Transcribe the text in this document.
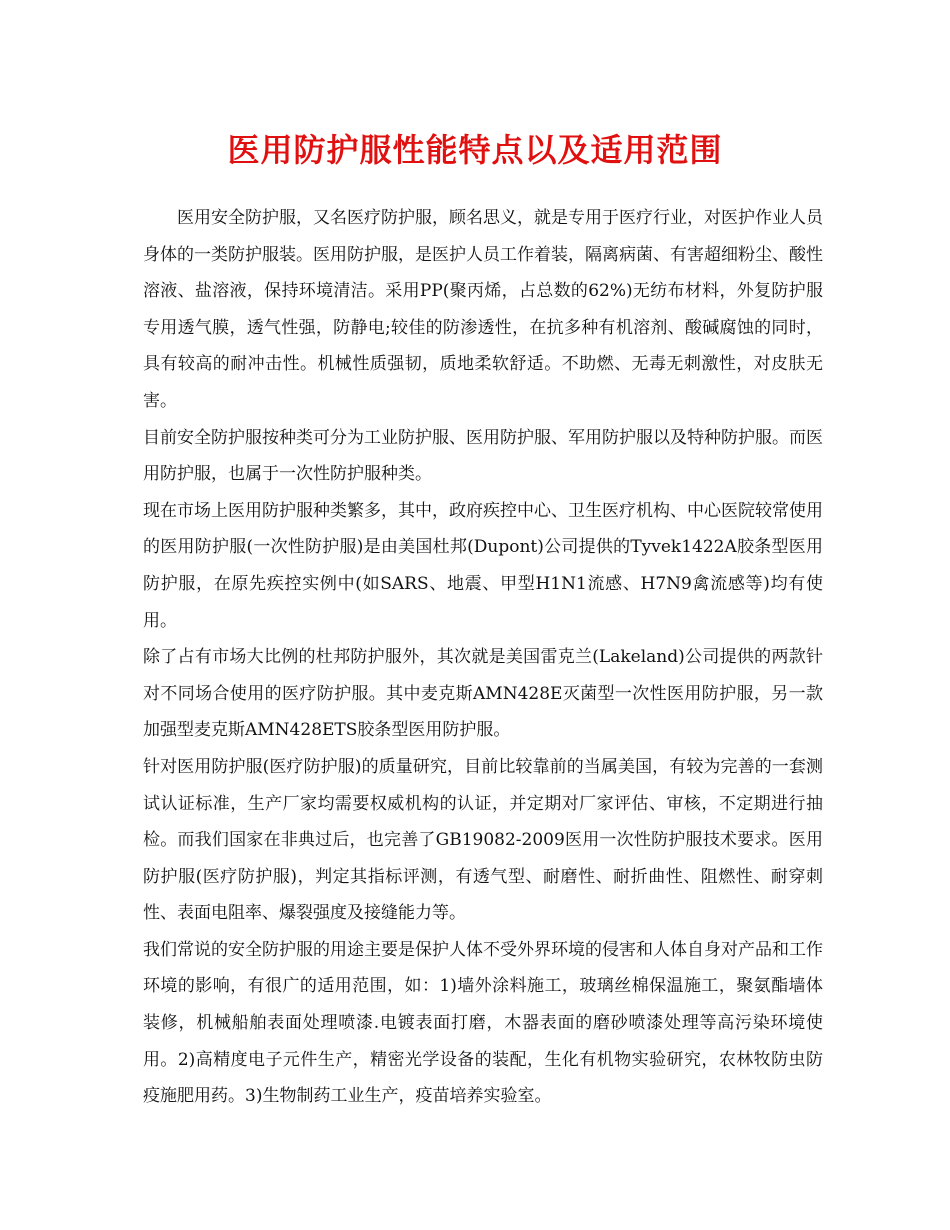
医用防护服性能特点以及适用范围

医用安全防护服，又名医疗防护服，顾名思义，就是专用于医疗行业，对医护作业人员身体的一类防护服装。医用防护服，是医护人员工作着装，隔离病菌、有害超细粉尘、酸性溶液、盐溶液，保持环境清洁。采用PP(聚丙烯，占总数的62%)无纺布材料，外复防护服专用透气膜，透气性强，防静电;较佳的防渗透性，在抗多种有机溶剂、酸碱腐蚀的同时，具有较高的耐冲击性。机械性质强韧，质地柔软舒适。不助燃、无毒无刺激性，对皮肤无害。

目前安全防护服按种类可分为工业防护服、医用防护服、军用防护服以及特种防护服。而医用防护服，也属于一次性防护服种类。

现在市场上医用防护服种类繁多，其中，政府疾控中心、卫生医疗机构、中心医院较常使用的医用防护服(一次性防护服)是由美国杜邦(Dupont)公司提供的Tyvek1422A胶条型医用防护服，在原先疾控实例中(如SARS、地震、甲型H1N1流感、H7N9禽流感等)均有使用。

除了占有市场大比例的杜邦防护服外，其次就是美国雷克兰(Lakeland)公司提供的两款针对不同场合使用的医疗防护服。其中麦克斯AMN428E灭菌型一次性医用防护服，另一款加强型麦克斯AMN428ETS胶条型医用防护服。

针对医用防护服(医疗防护服)的质量研究，目前比较靠前的当属美国，有较为完善的一套测试认证标准，生产厂家均需要权威机构的认证，并定期对厂家评估、审核，不定期进行抽检。而我们国家在非典过后，也完善了GB19082-2009医用一次性防护服技术要求。医用防护服(医疗防护服)，判定其指标评测，有透气型、耐磨性、耐折曲性、阻燃性、耐穿刺性、表面电阻率、爆裂强度及接缝能力等。

我们常说的安全防护服的用途主要是保护人体不受外界环境的侵害和人体自身对产品和工作环境的影响，有很广的适用范围，如：1)墙外涂料施工，玻璃丝棉保温施工，聚氨酯墙体装修，机械船舶表面处理喷漆.电镀表面打磨，木器表面的磨砂喷漆处理等高污染环境使用。2)高精度电子元件生产，精密光学设备的装配，生化有机物实验研究，农林牧防虫防疫施肥用药。3)生物制药工业生产，疫苗培养实验室。
